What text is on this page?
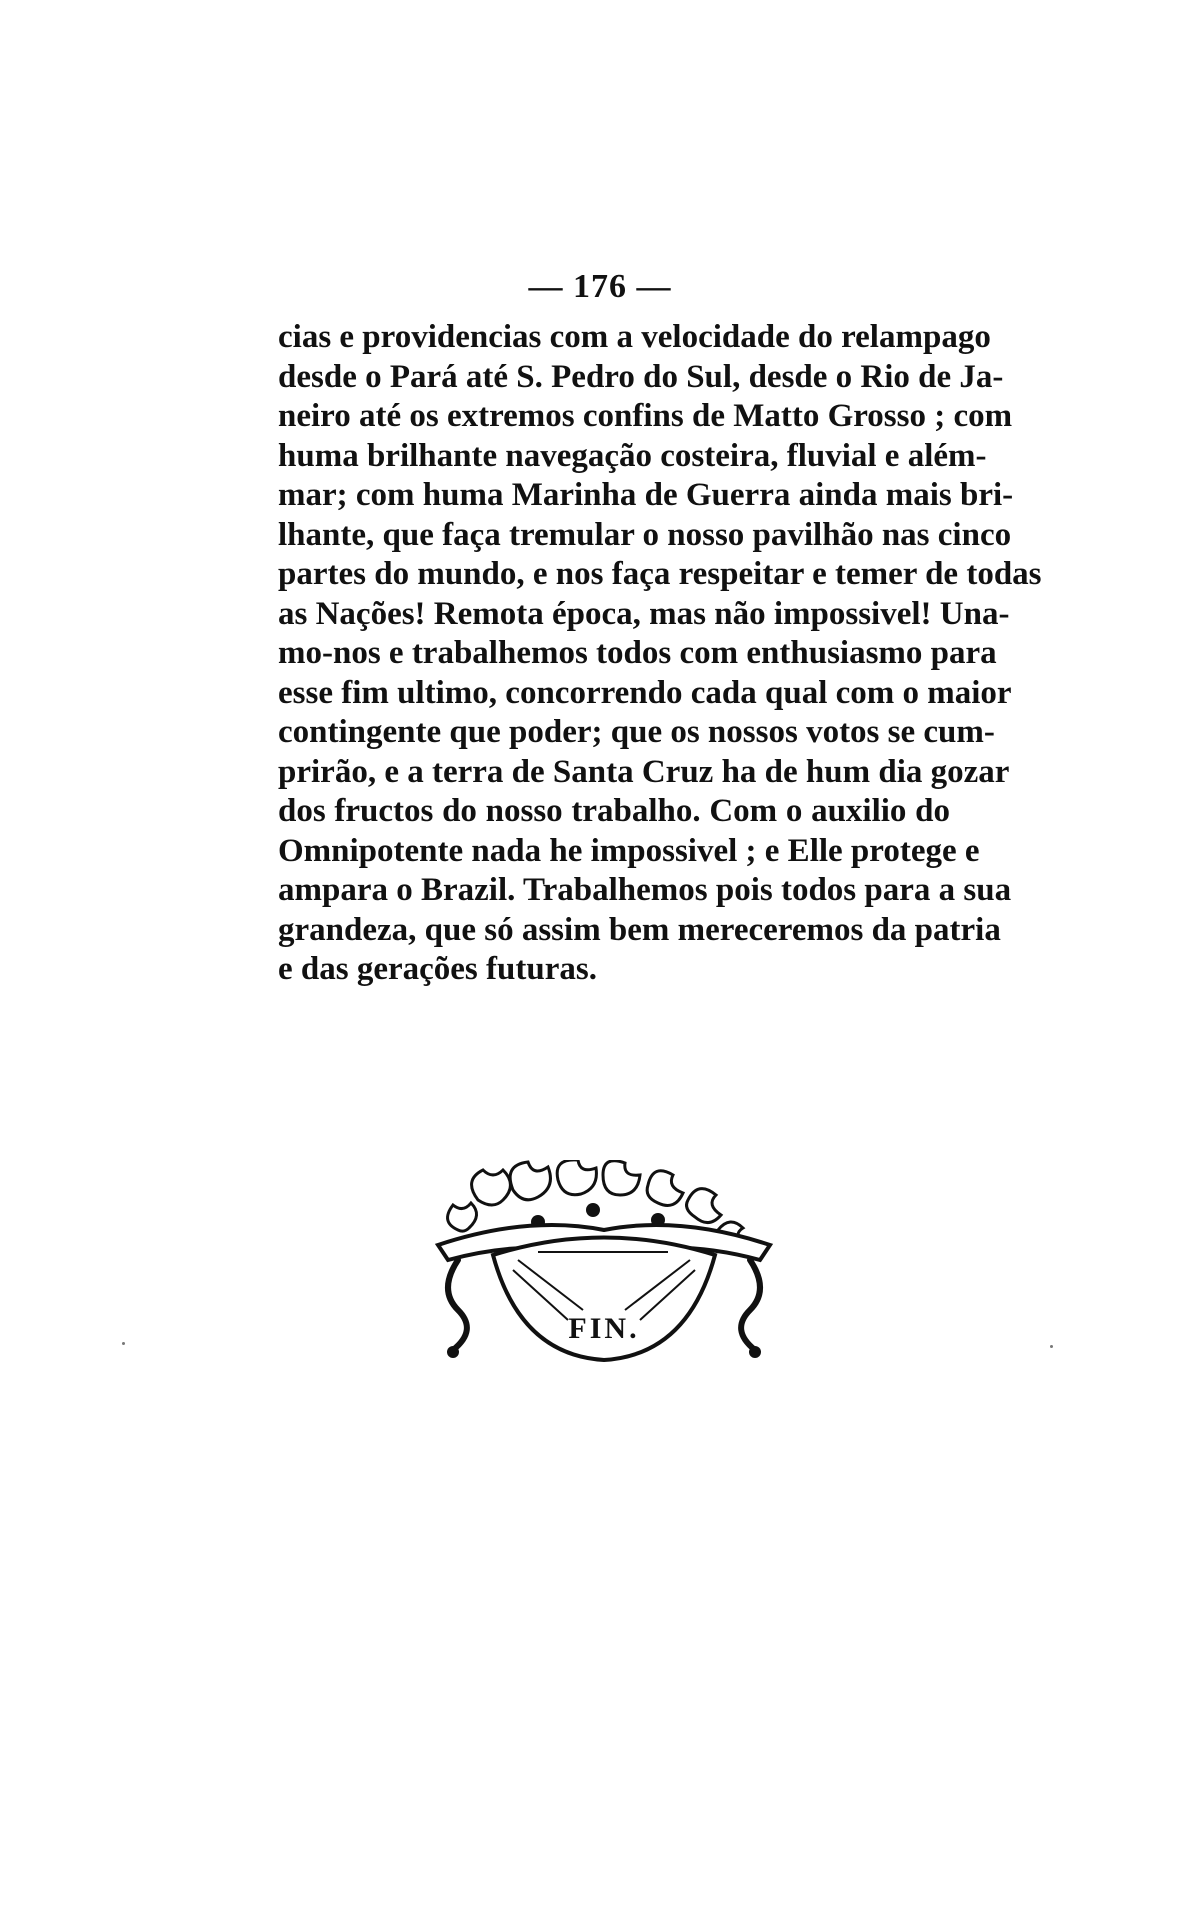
— 176 —
cias e providencias com a velocidade do relampago
desde o Pará até S. Pedro do Sul, desde o Rio de Ja-
neiro até os extremos confins de Matto Grosso ; com
huma brilhante navegação costeira, fluvial e além-
mar; com huma Marinha de Guerra ainda mais bri-
lhante, que faça tremular o nosso pavilhão nas cinco
partes do mundo, e nos faça respeitar e temer de todas
as Nações! Remota época, mas não impossivel! Una-
mo-nos e trabalhemos todos com enthusiasmo para
esse fim ultimo, concorrendo cada qual com o maior
contingente que poder; que os nossos votos se cum-
prirão, e a terra de Santa Cruz ha de hum dia gozar
dos fructos do nosso trabalho. Com o auxilio do
Omnipotente nada he impossivel ; e Elle protege e
ampara o Brazil. Trabalhemos pois todos para a sua
grandeza, que só assim bem mereceremos da patria
e das gerações futuras.
FIN.
